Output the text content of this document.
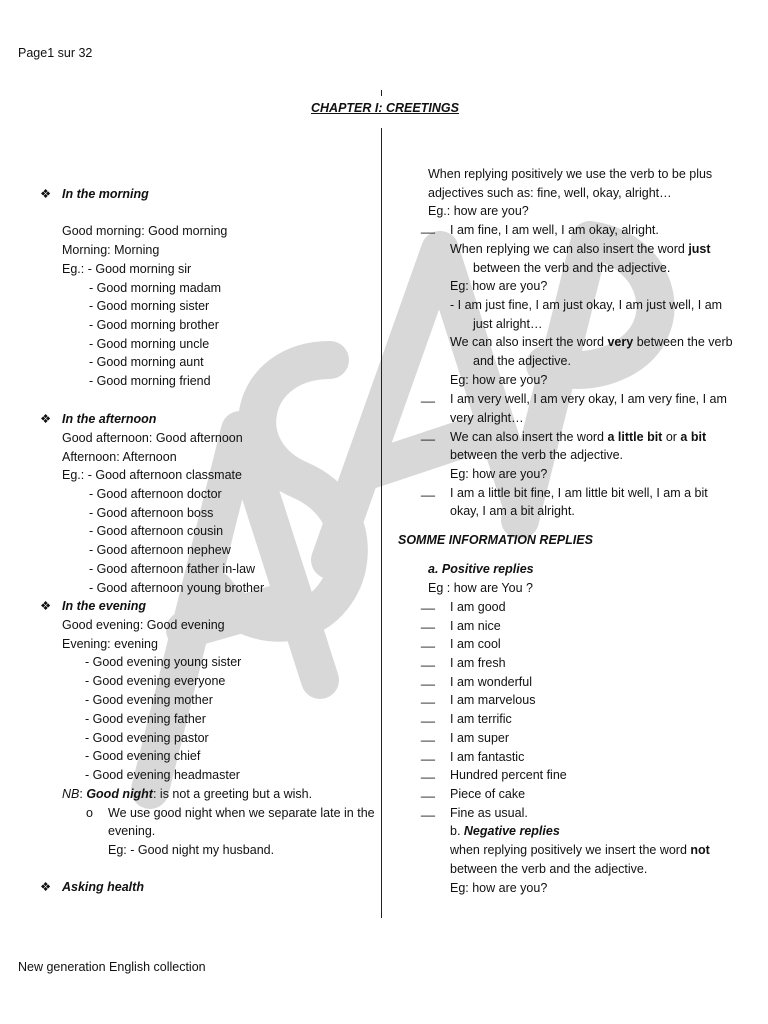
Page1 sur 32
CHAPTER I: CREETINGS
❖ In the morning
Good morning: Good morning
Morning: Morning
Eg.: - Good morning sir
- Good morning madam
- Good morning sister
- Good morning brother
- Good morning uncle
- Good morning aunt
- Good morning friend
❖ In the afternoon
Good afternoon: Good afternoon
Afternoon: Afternoon
Eg.: - Good afternoon classmate
- Good afternoon doctor
- Good afternoon boss
- Good afternoon cousin
- Good afternoon nephew
- Good afternoon father in-law
- Good afternoon young brother
❖ In the evening
Good evening: Good evening
Evening: evening
- Good evening young sister
- Good evening everyone
- Good evening mother
- Good evening father
- Good evening pastor
- Good evening chief
- Good evening headmaster
o We use good night when we separate late in the
evening.
Eg: - Good night my husband.
❖ Asking health
NB: Good night: is not a greeting but a wish.
When replying positively we use the verb to be plus
adjectives such as: fine, well, okay, alright…
Eg.: how are you?
I am fine, I am well, I am okay, alright.
between the verb and the adjective.
Eg: how are you?
- I am just fine, I am just okay, I am just well, I am
just alright…
and the adjective.
Eg: how are you?
I am very well, I am very okay, I am very fine, I am
very alright…
between the verb the adjective.
Eg: how are you?
I am a little bit fine, I am little bit well, I am a bit
okay, I am a bit alright.
SOMME INFORMATION REPLIES
a. Positive replies
Eg : how are You ?
I am good
I am nice
I am cool
I am fresh
I am wonderful
I am marvelous
I am terrific
I am super
I am fantastic
Hundred percent fine
Piece of cake
Fine as usual.
between the verb and the adjective.
Eg: how are you?
When replying we can also insert the word just
We can also insert the word very between the verb
We can also insert the word a little bit or a bit
b. Negative replies
when replying positively we insert the word not
__
__
__
__
__
__
__
__
__
__
__
__
__
__
__
__
New generation English collection
